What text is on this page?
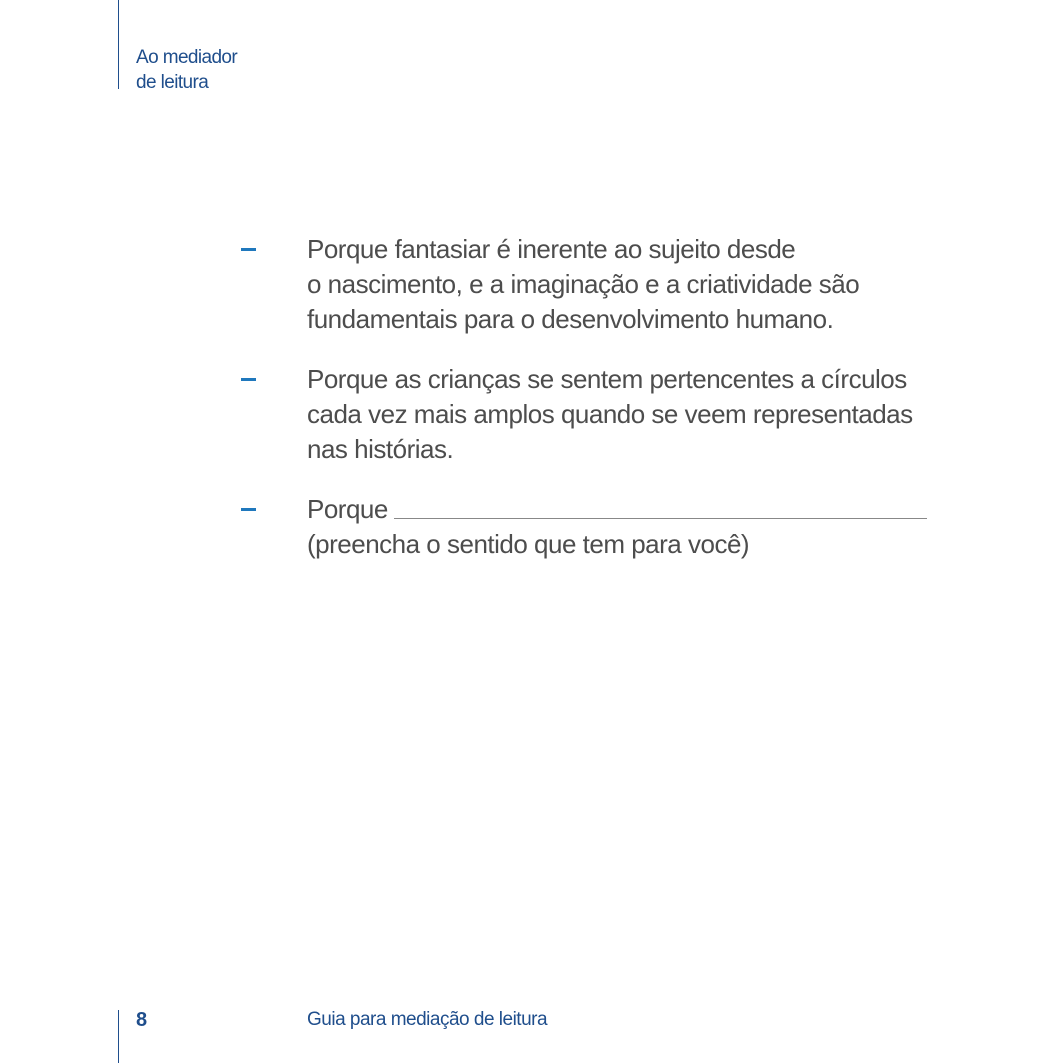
Ao mediador
de leitura
Porque fantasiar é inerente ao sujeito desde
o nascimento, e a imaginação e a criatividade são
fundamentais para o desenvolvimento humano.
Porque as crianças se sentem pertencentes a círculos
cada vez mais amplos quando se veem representadas
nas histórias.
Porque
(preencha o sentido que tem para você)
8	Guia para mediação de leitura
